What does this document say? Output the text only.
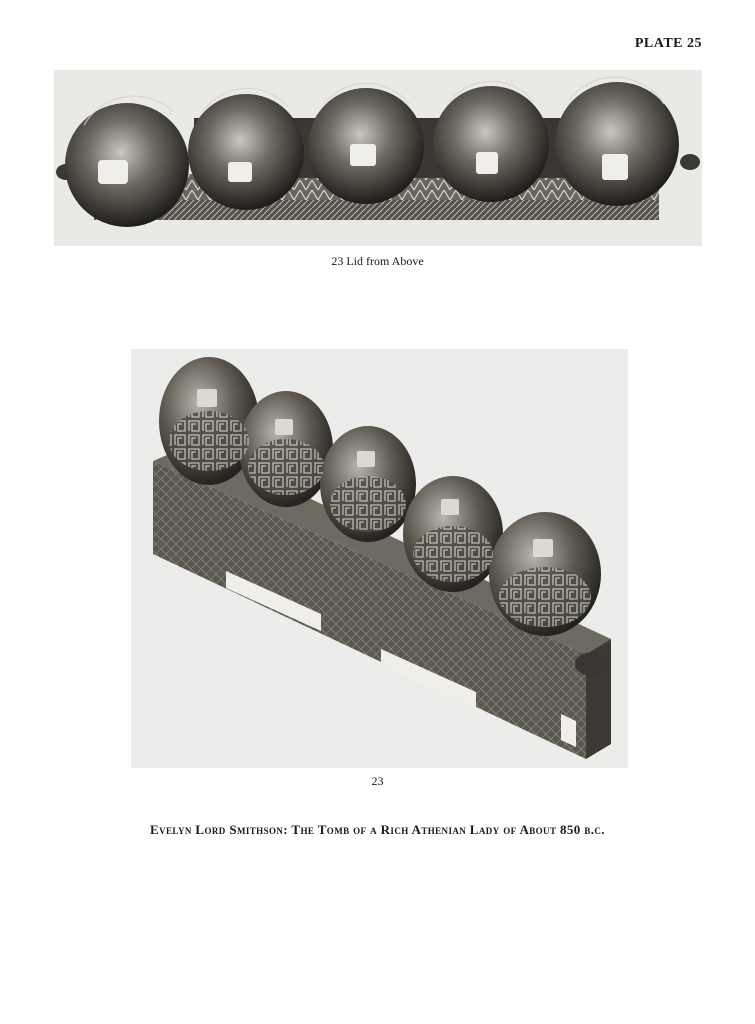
PLATE 25
23 Lid from Above
23
Evelyn Lord Smithson: The Tomb of a Rich Athenian Lady of About 850 b.c.
